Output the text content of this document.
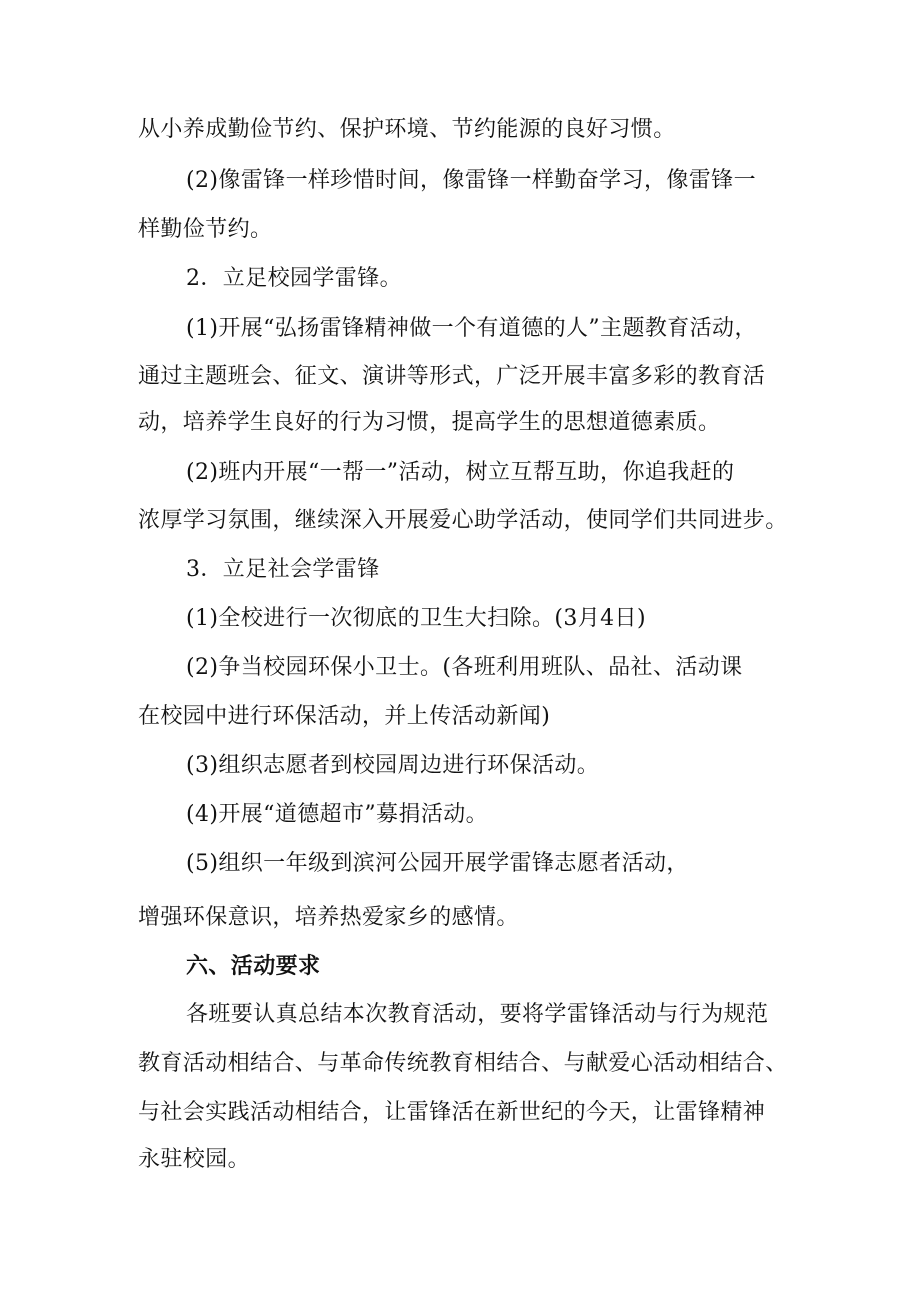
从小养成勤俭节约、保护环境、节约能源的良好习惯。
(2)像雷锋一样珍惜时间，像雷锋一样勤奋学习，像雷锋一
样勤俭节约。
2．立足校园学雷锋。
(1)开展“弘扬雷锋精神做一个有道德的人”主题教育活动，
通过主题班会、征文、演讲等形式，广泛开展丰富多彩的教育活
动，培养学生良好的行为习惯，提高学生的思想道德素质。
(2)班内开展“一帮一”活动，树立互帮互助，你追我赶的
浓厚学习氛围，继续深入开展爱心助学活动，使同学们共同进步。
3．立足社会学雷锋
(1)全校进行一次彻底的卫生大扫除。(3月4日)
(2)争当校园环保小卫士。(各班利用班队、品社、活动课
在校园中进行环保活动，并上传活动新闻)
(3)组织志愿者到校园周边进行环保活动。
(4)开展“道德超市”募捐活动。
(5)组织一年级到滨河公园开展学雷锋志愿者活动，
增强环保意识，培养热爱家乡的感情。
六、活动要求
各班要认真总结本次教育活动，要将学雷锋活动与行为规范
教育活动相结合、与革命传统教育相结合、与献爱心活动相结合、
与社会实践活动相结合，让雷锋活在新世纪的今天，让雷锋精神
永驻校园。
